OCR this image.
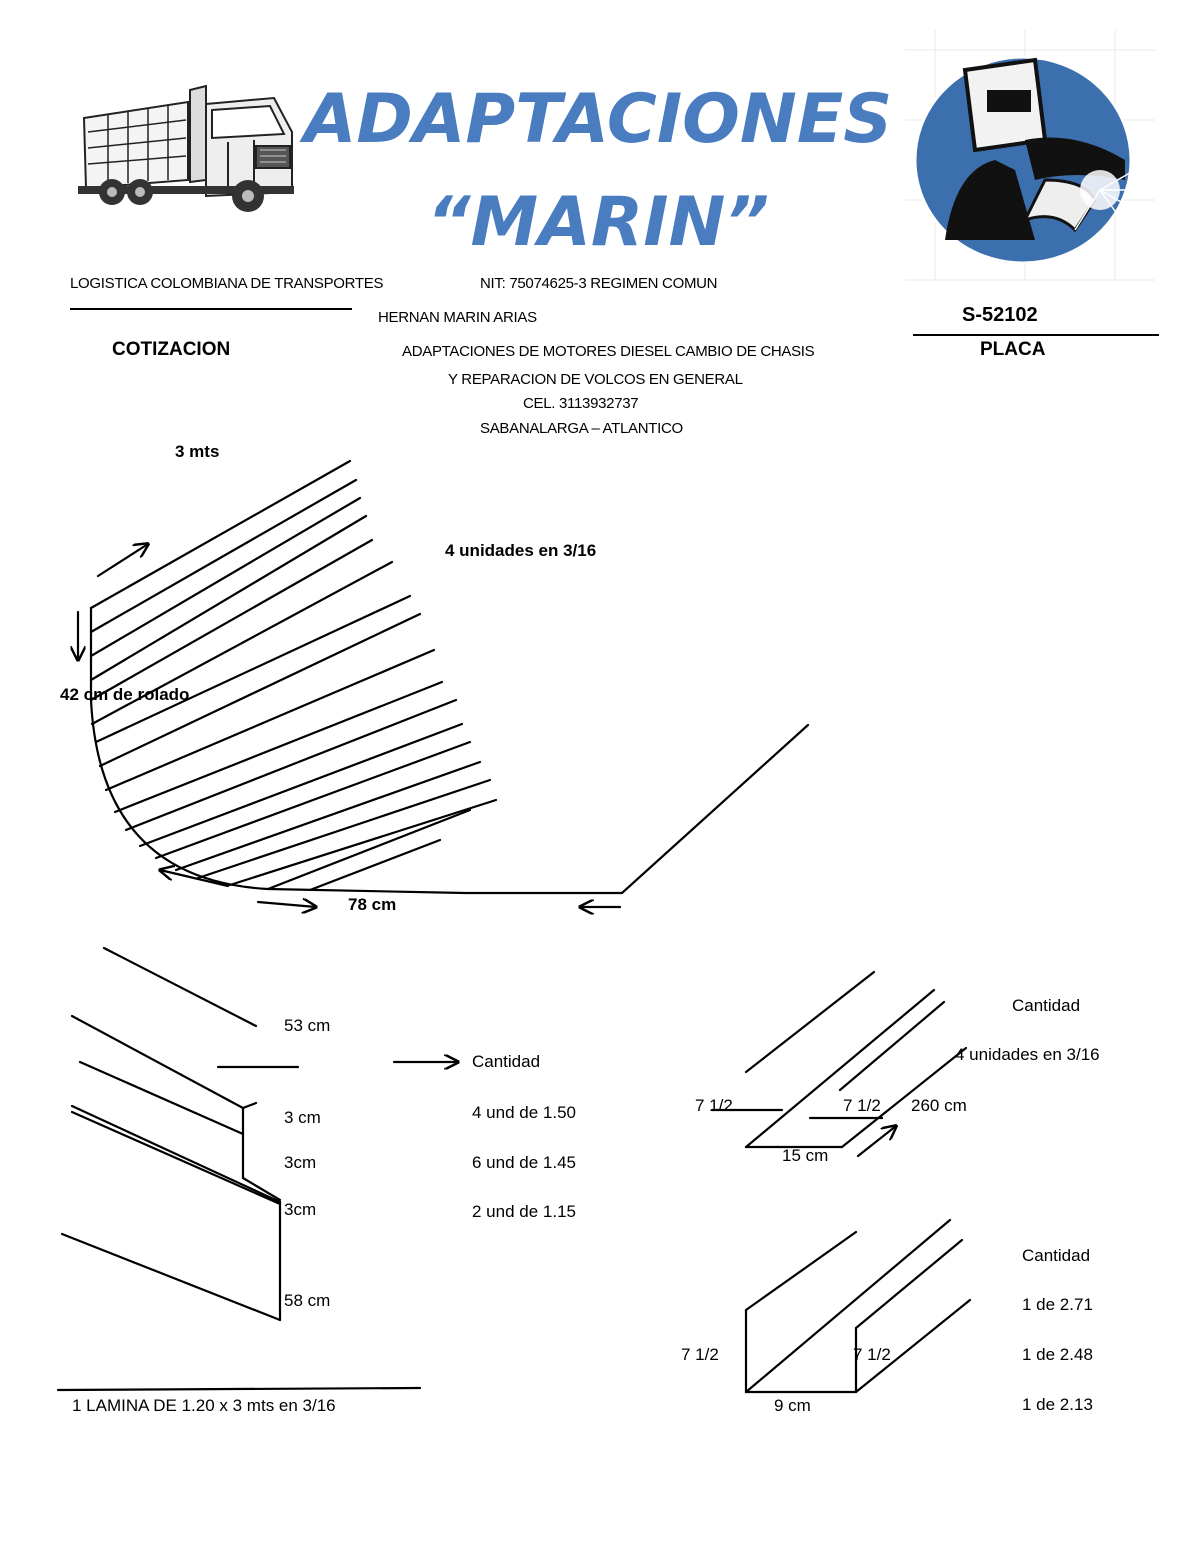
ADAPTACIONES
“MARIN”
LOGISTICA COLOMBIANA DE TRANSPORTES	NIT: 75074625-3 REGIMEN COMUN
HERNAN MARIN ARIAS
COTIZACION	ADAPTACIONES DE MOTORES DIESEL CAMBIO DE CHASIS
Y REPARACION DE VOLCOS EN GENERAL
CEL. 3113932737
SABANALARGA – ATLANTICO
S-52102
PLACA
3 mts
4 unidades en 3/16
42 cm de rolado
78 cm
53 cm
3 cm
3cm
3cm
58 cm
Cantidad
4 und de 1.50
6 und de 1.45
2 und de 1.15
1 LAMINA DE 1.20 x 3 mts en 3/16
Cantidad
4 unidades en 3/16
7 1/2	7 1/2 260 cm
15 cm
Cantidad
1 de 2.71
1 de 2.48
1 de 2.13
7 1/2	7 1/2
9 cm
